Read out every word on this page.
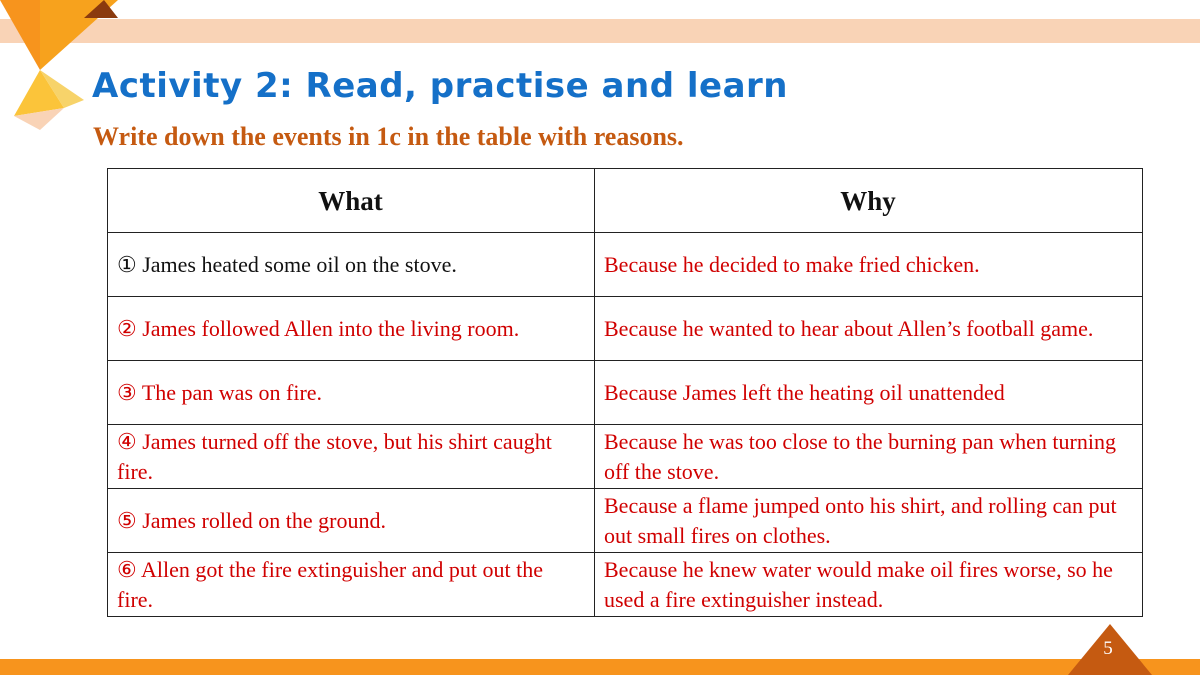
Activity 2: Read, practise and learn
Write down the events in 1c in the table with reasons.
What	Why
① James heated some oil on the stove.	Because he decided to make fried chicken.
② James followed Allen into the living room.	Because he wanted to hear about Allen’s football game.
③ The pan was on fire.	Because James left the heating oil unattended
④ James turned off the stove, but his shirt caught fire.	Because he was too close to the burning pan when turning off the stove.
⑤ James rolled on the ground.	Because a flame jumped onto his shirt, and rolling can put out small fires on clothes.
⑥ Allen got the fire extinguisher and put out the fire.	Because he knew water would make oil fires worse, so he used a fire extinguisher instead.
5
